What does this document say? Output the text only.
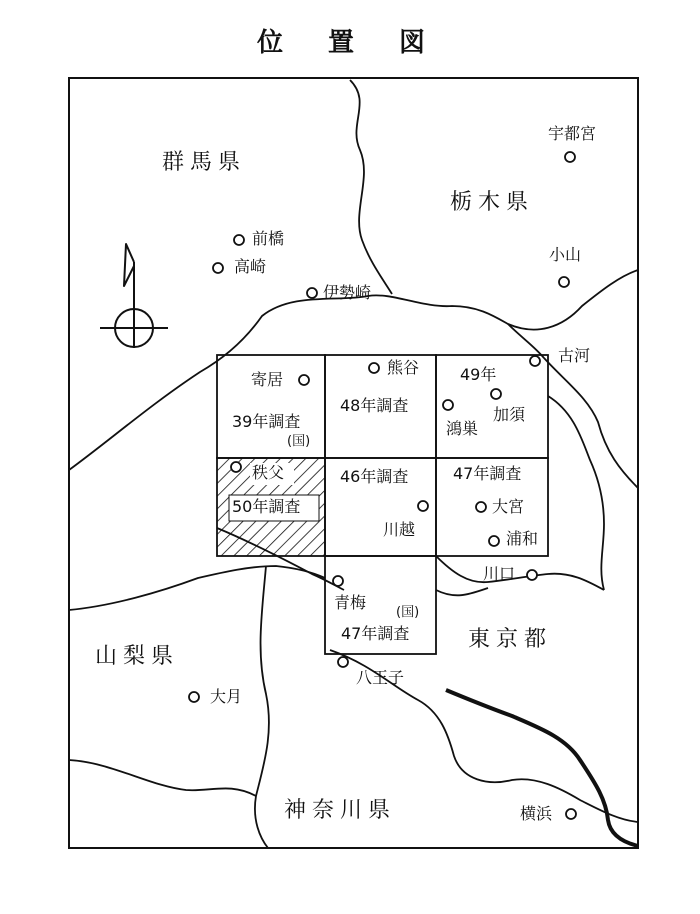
位 置 図
群馬県
栃木県
山梨県
東京都
神奈川県
宇都宮
前橋
高崎
伊勢崎
小山
古河
熊谷
寄居
加須
鴻巣
秩父
川越
大宮
浦和
川口
青梅
八王子
大月
横浜
39年調査
(国)
48年調査
49年
50年調査
46年調査	47年調査
47年調査
(国)
